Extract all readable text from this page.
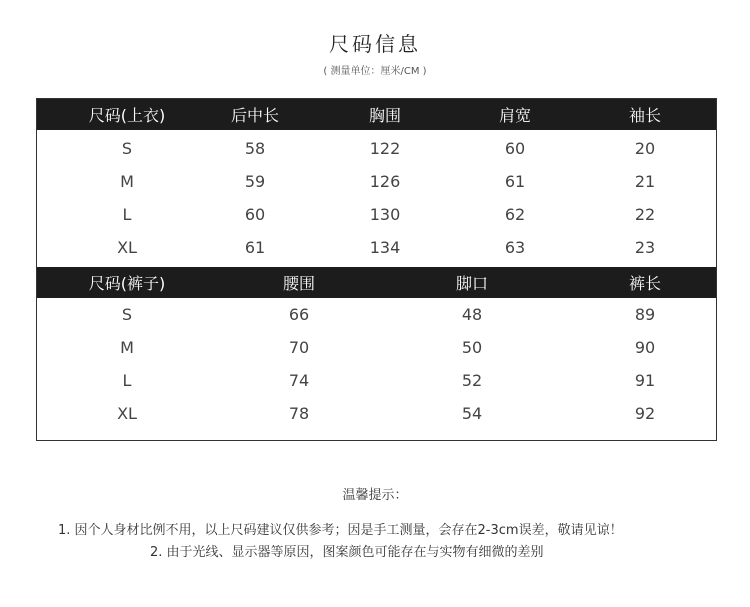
尺码信息
( 测量单位：厘米/CM )
尺码(上衣)	后中长	胸围	肩宽	袖长
S	58	122	60	20
M	59	126	61	21
L	60	130	62	22
XL	61	134	63	23
尺码(裤子)	腰围	脚口	裤长
S	66	48	89
M	70	50	90
L	74	52	91
XL	78	54	92
温馨提示：
1. 因个人身材比例不用，以上尺码建议仅供参考；因是手工测量，会存在2-3cm误差，敬请见谅！
2. 由于光线、显示器等原因，图案颜色可能存在与实物有细微的差别
